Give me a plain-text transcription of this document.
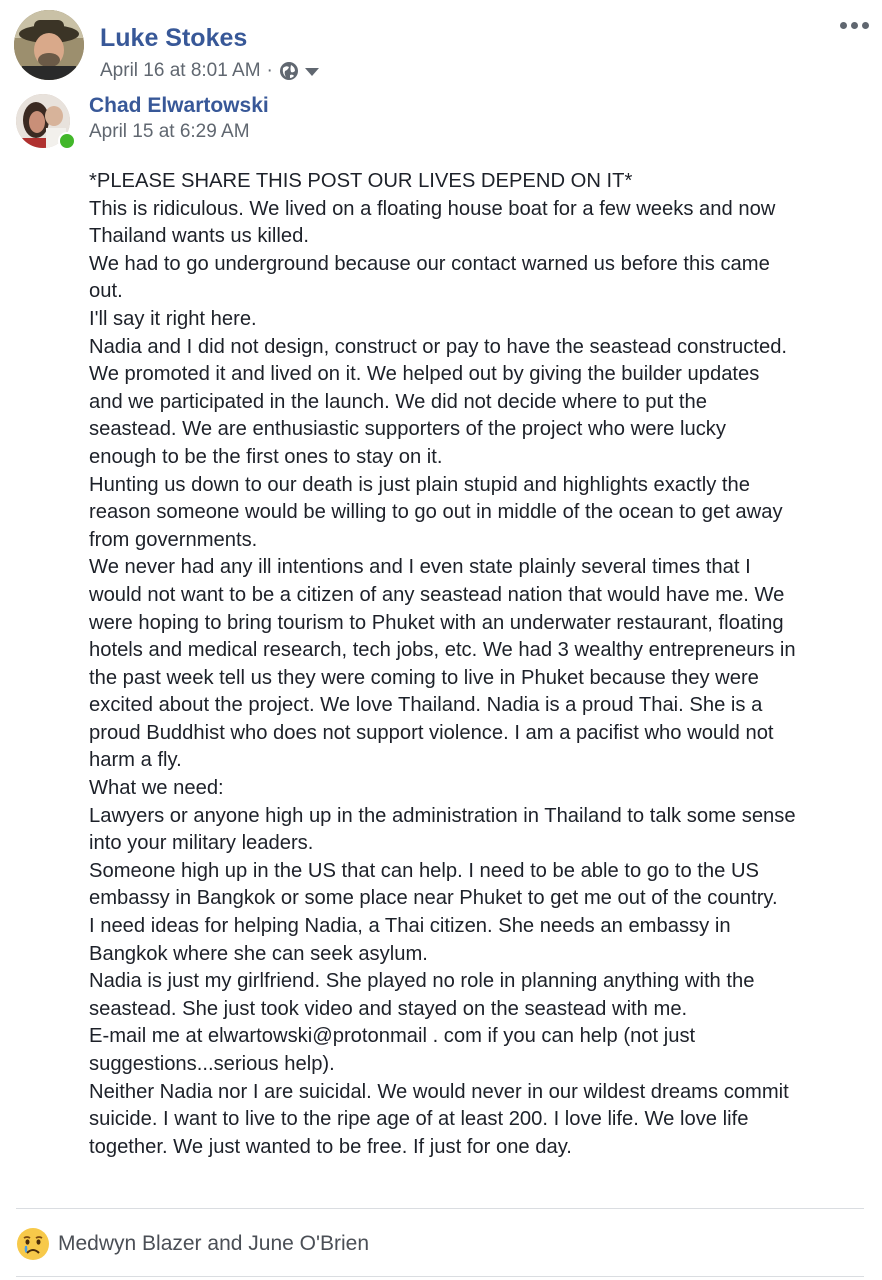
Luke Stokes
April 16 at 8:01 AM ·
Chad Elwartowski
April 15 at 6:29 AM
*PLEASE SHARE THIS POST OUR LIVES DEPEND ON IT*
This is ridiculous. We lived on a floating house boat for a few weeks and now
Thailand wants us killed.
We had to go underground because our contact warned us before this came
out.
I'll say it right here.
Nadia and I did not design, construct or pay to have the seastead constructed.
We promoted it and lived on it. We helped out by giving the builder updates
and we participated in the launch. We did not decide where to put the
seastead. We are enthusiastic supporters of the project who were lucky
enough to be the first ones to stay on it.
Hunting us down to our death is just plain stupid and highlights exactly the
reason someone would be willing to go out in middle of the ocean to get away
from governments.
We never had any ill intentions and I even state plainly several times that I
would not want to be a citizen of any seastead nation that would have me. We
were hoping to bring tourism to Phuket with an underwater restaurant, floating
hotels and medical research, tech jobs, etc. We had 3 wealthy entrepreneurs in
the past week tell us they were coming to live in Phuket because they were
excited about the project. We love Thailand. Nadia is a proud Thai. She is a
proud Buddhist who does not support violence. I am a pacifist who would not
harm a fly.
What we need:
Lawyers or anyone high up in the administration in Thailand to talk some sense
into your military leaders.
Someone high up in the US that can help. I need to be able to go to the US
embassy in Bangkok or some place near Phuket to get me out of the country.
I need ideas for helping Nadia, a Thai citizen. She needs an embassy in
Bangkok where she can seek asylum.
Nadia is just my girlfriend. She played no role in planning anything with the
seastead. She just took video and stayed on the seastead with me.
E-mail me at elwartowski@protonmail . com if you can help (not just
suggestions...serious help).
Neither Nadia nor I are suicidal. We would never in our wildest dreams commit
suicide. I want to live to the ripe age of at least 200. I love life. We love life
together. We just wanted to be free. If just for one day.
Medwyn Blazer and June O'Brien
